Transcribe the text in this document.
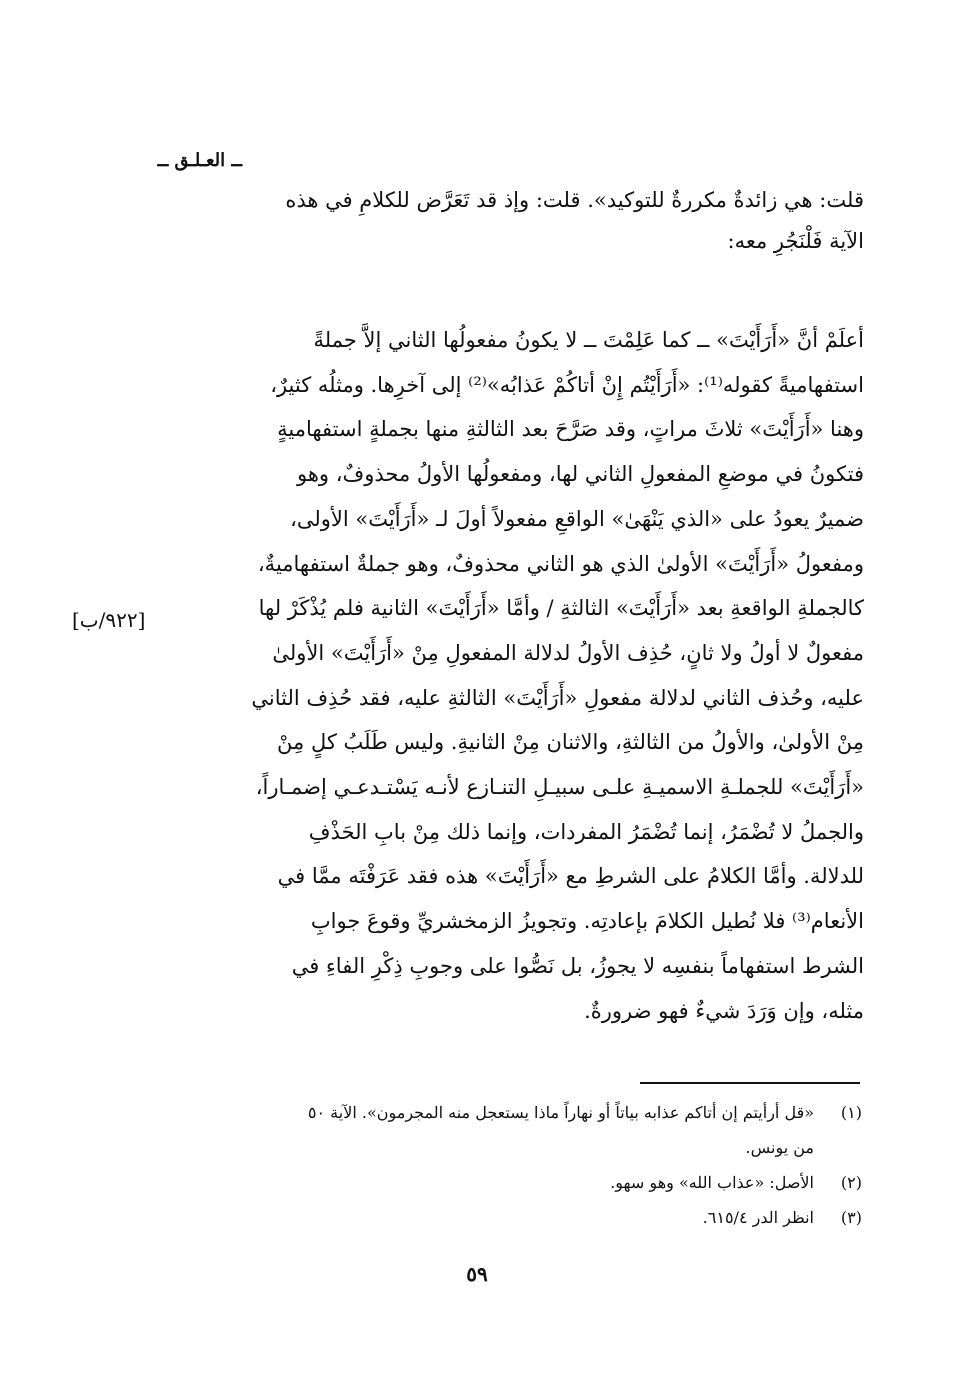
ــ العـلـق ــ
قلت: هي زائدةٌ مكررةٌ للتوكيد». قلت: وإذ قد تَعَرَّض للكلامِ في هذه
الآية فَلْنَجُرِ معه:
أعلَمْ أنَّ «أَرَأَيْتَ» ــ كما عَلِمْتَ ــ لا يكونُ مفعولُها الثاني إلاَّ جملةً
استفهاميةً كقوله⁽¹⁾: «أَرَأَيْتُم إِنْ أتاكُمْ عَذابُه»⁽²⁾ إلى آخرِها. ومثلُه كثيرٌ،
وهنا «أَرَأَيْتَ» ثلاثَ مراتٍ، وقد صَرَّحَ بعد الثالثةِ منها بجملةٍ استفهاميةٍ
فتكونُ في موضعِ المفعولِ الثاني لها، ومفعولُها الأولُ محذوفٌ، وهو
ضميرٌ يعودُ على «الذي يَنْهَىٰ» الواقعِ مفعولاً أولَ لـ «أَرَأَيْتَ» الأولى،
ومفعولُ «أَرَأَيْتَ» الأولىٰ الذي هو الثاني محذوفٌ، وهو جملةٌ استفهاميةٌ،
كالجملةِ الواقعةِ بعد «أَرَأَيْتَ» الثالثةِ / وأمَّا «أَرَأَيْتَ» الثانية فلم يُذْكَرْ لها
مفعولٌ لا أولُ ولا ثانٍ، حُذِف الأولُ لدلالة المفعولِ مِنْ «أَرَأَيْتَ» الأولىٰ
عليه، وحُذف الثاني لدلالة مفعولِ «أَرَأَيْتَ» الثالثةِ عليه، فقد حُذِف الثاني
مِنْ الأولىٰ، والأولُ من الثالثةِ، والاثنان مِنْ الثانيةِ. وليس طَلَبُ كلٍ مِنْ
«أَرَأَيْتَ» للجملـةِ الاسميـةِ علـى سبيـلِ التنـازع لأنـه يَسْتـدعـي إضمـاراً،
والجملُ لا تُضْمَرُ، إنما تُضْمَرُ المفردات، وإنما ذلك مِنْ بابِ الحَذْفِ
للدلالة. وأمَّا الكلامُ على الشرطِ مع «أَرَأَيْتَ» هذه فقد عَرَفْتَه ممَّا في
الأنعام⁽³⁾ فلا نُطيل الكلامَ بإعادتِه. وتجويزُ الزمخشريِّ وقوعَ جوابِ
الشرط استفهاماً بنفسِه لا يجوزُ، بل نَصُّوا على وجوبِ ذِكْرِ الفاءِ في
مثله، وإن وَرَدَ شيءٌ فهو ضرورةٌ.
[٩٢٢/ب]
(١)
«قل أرأيتم إن أتاكم عذابه بياتاً أو نهاراً ماذا يستعجل منه المجرمون». الآية ٥٠
من يونس.
(٢)
الأصل: «عذاب الله» وهو سهو.
(٣)
انظر الدر ٦١٥/٤.
٥٩
